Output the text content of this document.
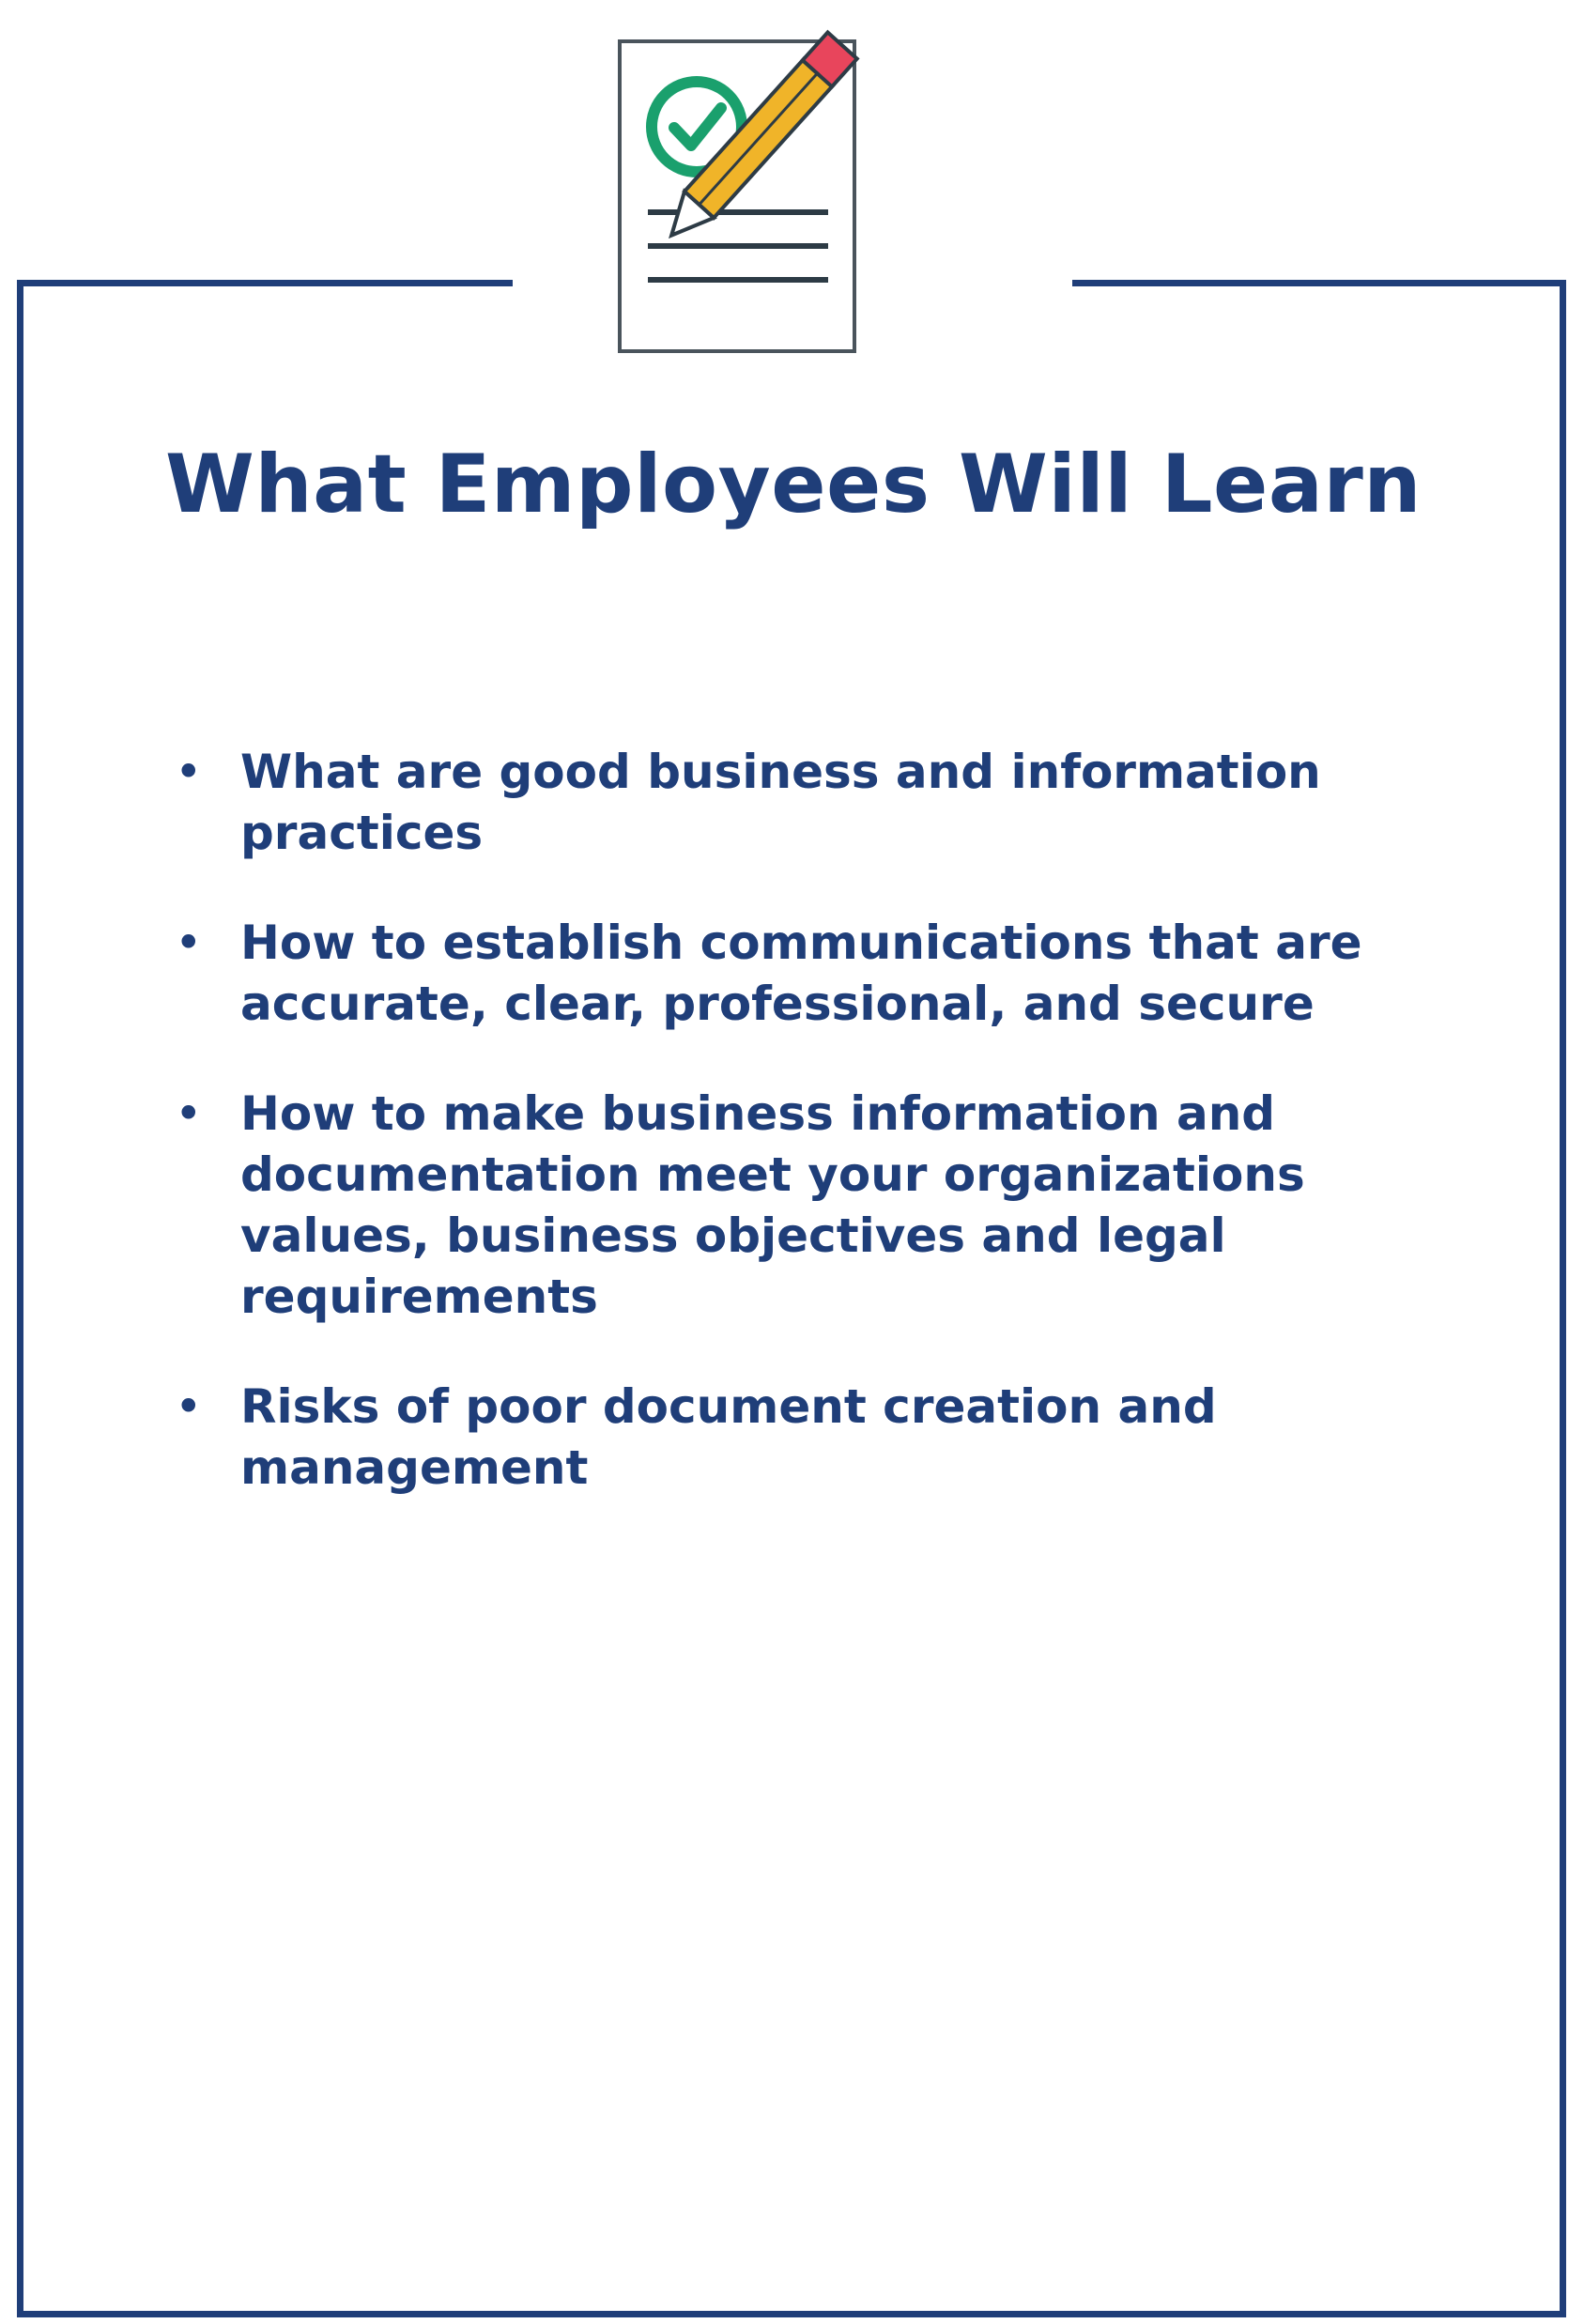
What Employees Will Learn
• What are good business and information practices
• How to establish communications that are accurate, clear, professional, and secure
• How to make business information and documentation meet your organizations values, business objectives and legal requirements
• Risks of poor document creation and management
